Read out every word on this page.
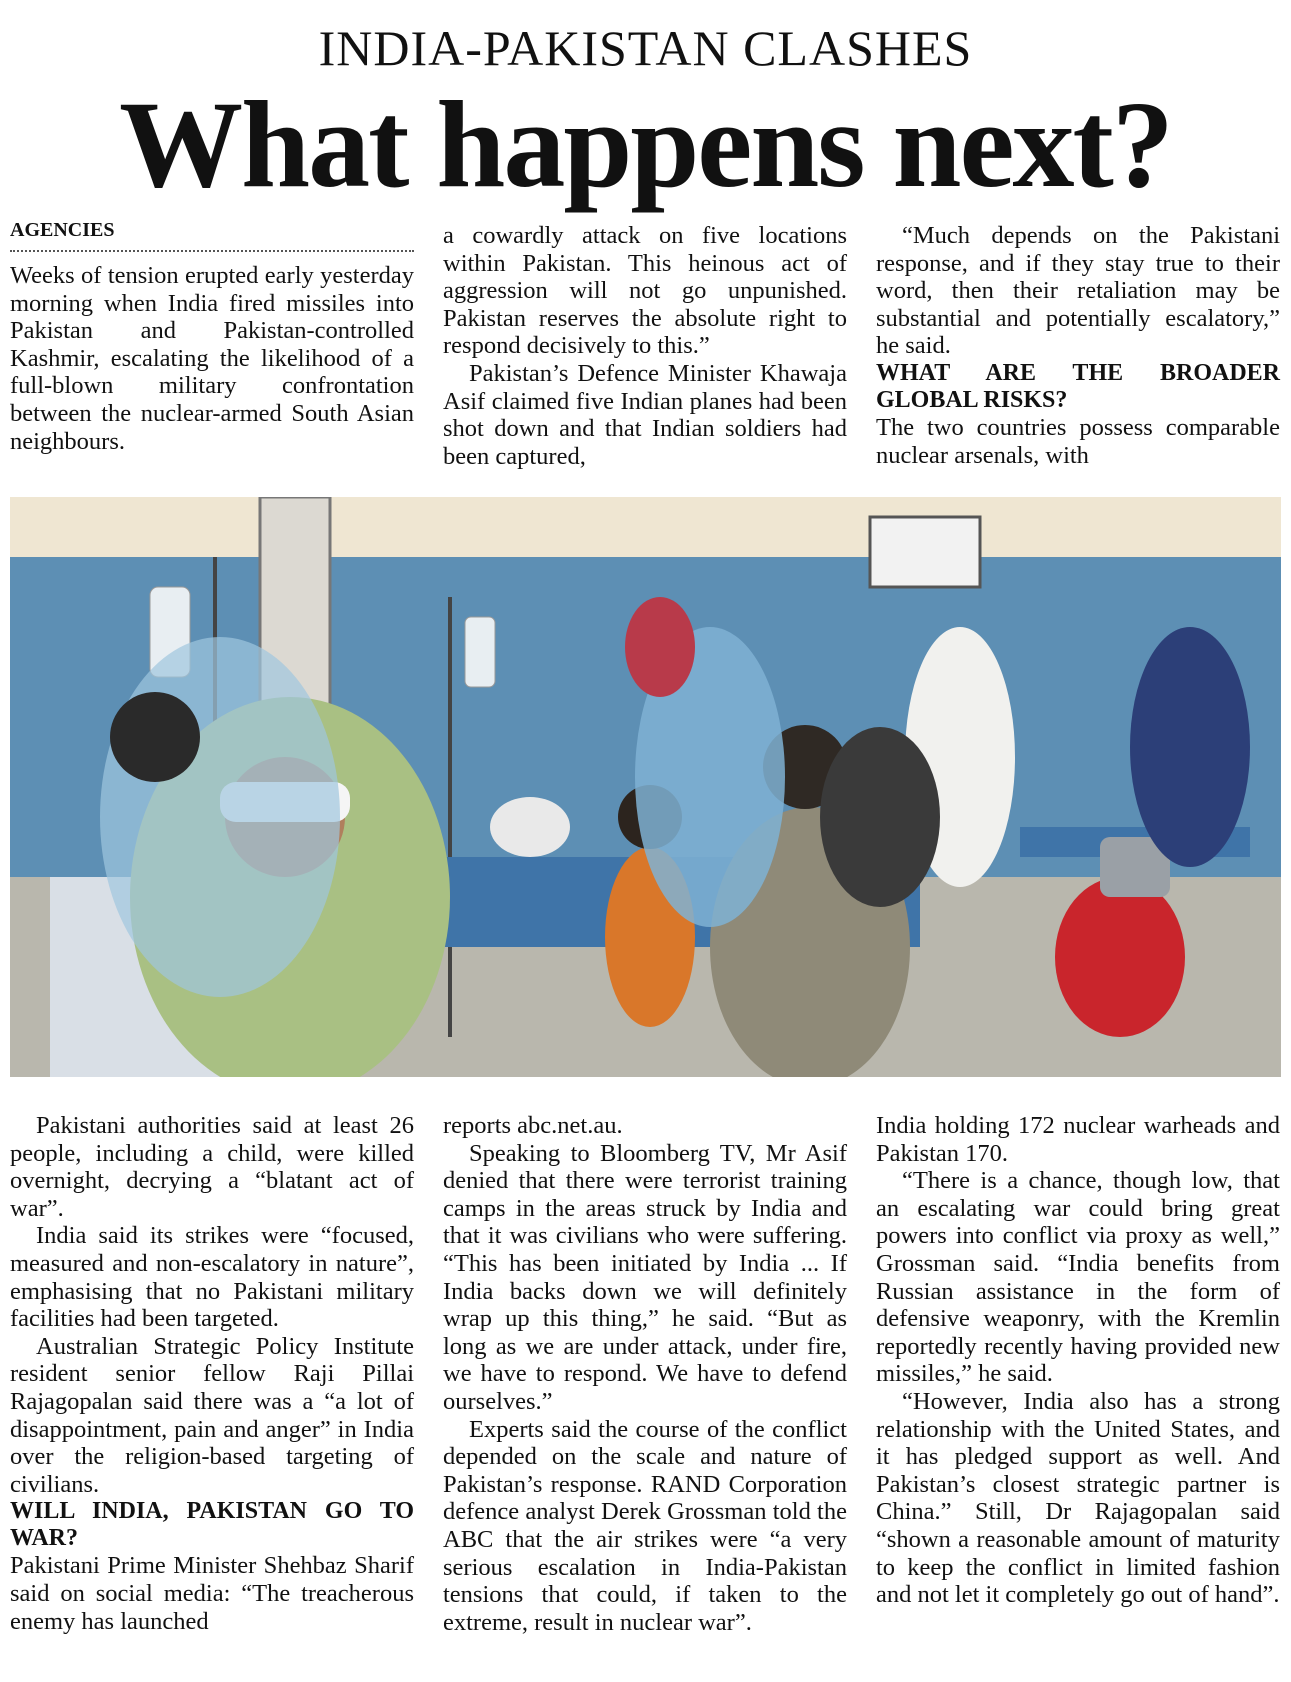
INDIA-PAKISTAN CLASHES
What happens next?
AGENCIES

Weeks of tension erupted early yesterday morning when India fired missiles into Pakistan and Pakistan-controlled Kashmir, escalating the likelihood of a full-blown military confrontation between the nuclear-armed South Asian neighbours.

a cowardly attack on five locations within Pakistan. This heinous act of aggression will not go unpunished. Pakistan reserves the absolute right to respond decisively to this.”

Pakistan’s Defence Minister Khawaja Asif claimed five Indian planes had been shot down and that Indian soldiers had been captured,

“Much depends on the Pakistani response, and if they stay true to their word, then their retaliation may be substantial and potentially escalatory,” he said.

WHAT ARE THE BROADER GLOBAL RISKS?

The two countries possess comparable nuclear arsenals, with

Pakistani authorities said at least 26 people, including a child, were killed overnight, decrying a “blatant act of war”.

India said its strikes were “focused, measured and non-escalatory in nature”, emphasising that no Pakistani military facilities had been targeted.

Australian Strategic Policy Institute resident senior fellow Raji Pillai Rajagopalan said there was a “a lot of disappointment, pain and anger” in India over the religion-based targeting of civilians.

WILL INDIA, PAKISTAN GO TO WAR?

Pakistani Prime Minister Shehbaz Sharif said on social media: “The treacherous enemy has launched

reports abc.net.au.

Speaking to Bloomberg TV, Mr Asif denied that there were terrorist training camps in the areas struck by India and that it was civilians who were suffering. “This has been initiated by India ... If India backs down we will definitely wrap up this thing,” he said. “But as long as we are under attack, under fire, we have to respond. We have to defend ourselves.”

Experts said the course of the conflict depended on the scale and nature of Pakistan’s response. RAND Corporation defence analyst Derek Grossman told the ABC that the air strikes were “a very serious escalation in India-Pakistan tensions that could, if taken to the extreme, result in nuclear war”.

India holding 172 nuclear warheads and Pakistan 170.

“There is a chance, though low, that an escalating war could bring great powers into conflict via proxy as well,” Grossman said. “India benefits from Russian assistance in the form of defensive weaponry, with the Kremlin reportedly recently having provided new missiles,” he said.

“However, India also has a strong relationship with the United States, and it has pledged support as well. And Pakistan’s closest strategic partner is China.” Still, Dr Rajagopalan said “shown a reasonable amount of maturity to keep the conflict in limited fashion and not let it completely go out of hand”.
